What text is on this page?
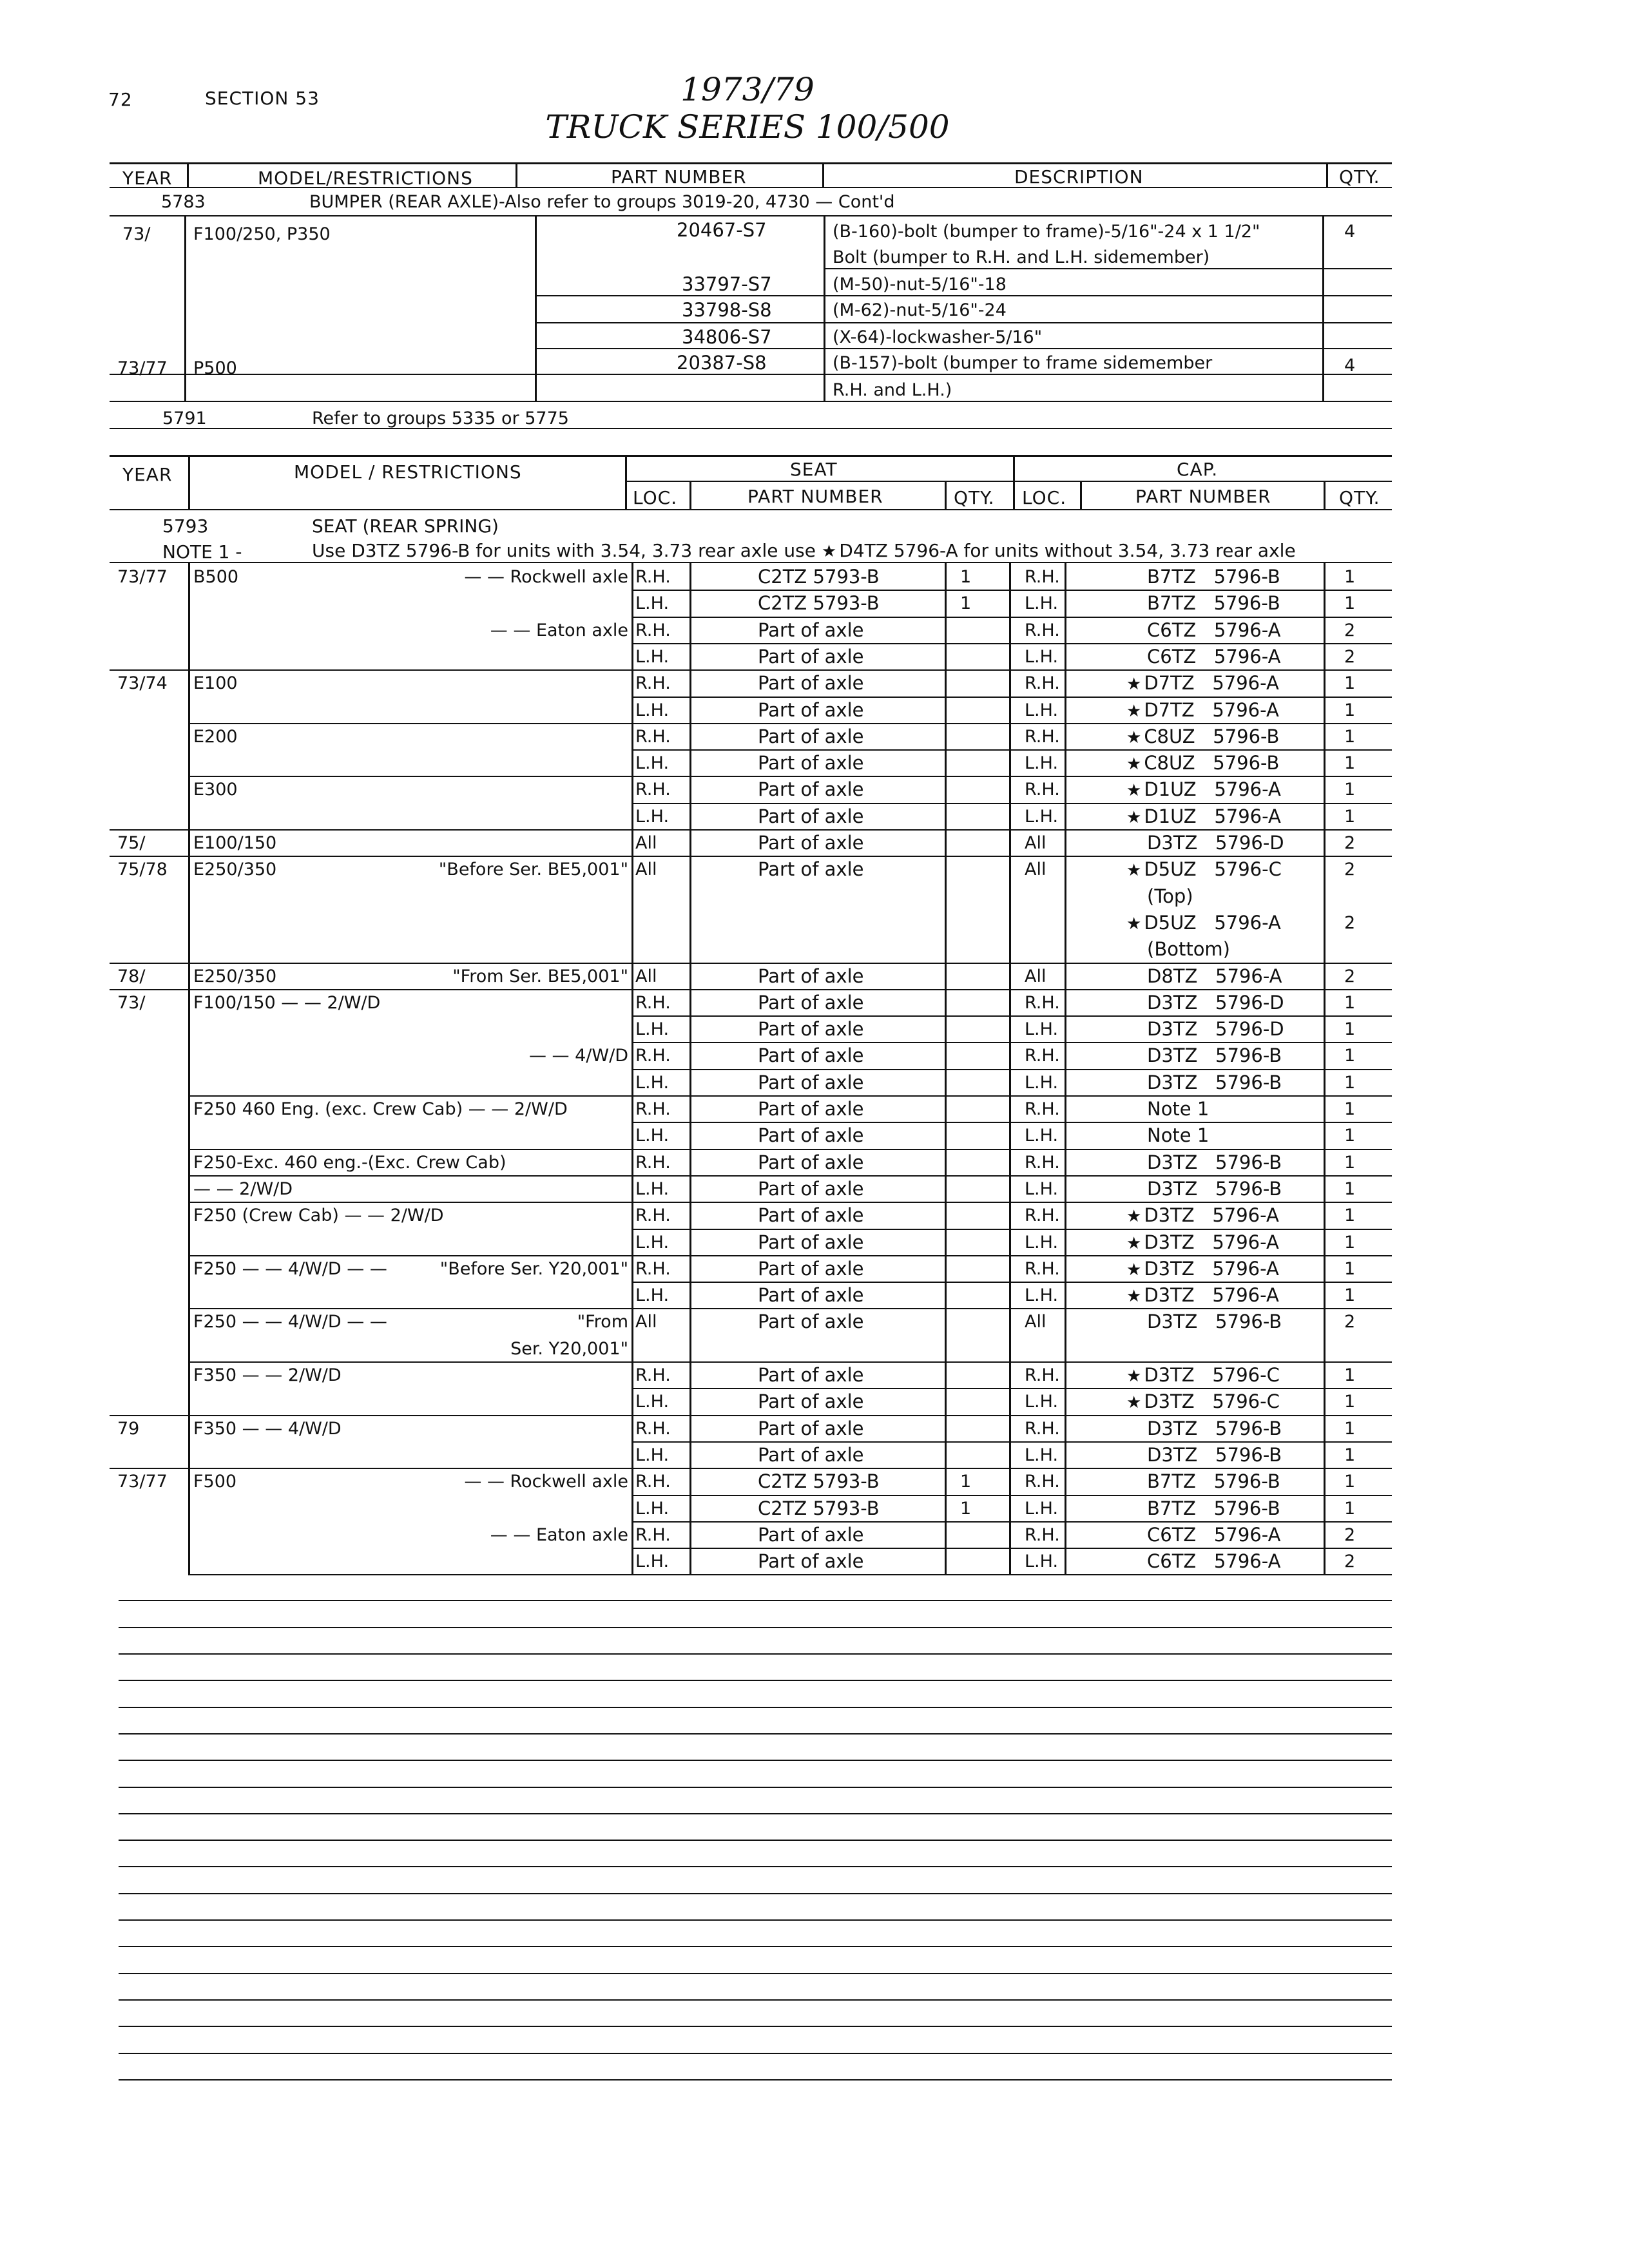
72	SECTION 53	1973/79
TRUCK SERIES 100/500
YEAR	MODEL/RESTRICTIONS	PART NUMBER	DESCRIPTION	QTY.
5783	BUMPER (REAR AXLE)-Also refer to groups 3019-20, 4730 — Cont'd
73/ F100/250, P350	20467-S7	(B-160)-bolt (bumper to frame)-5/16"-24 x 1 1/2"	4
Bolt (bumper to R.H. and L.H. sidemember)
33797-S7	(M-50)-nut-5/16"-18
33798-S8	(M-62)-nut-5/16"-24
34806-S7	(X-64)-lockwasher-5/16"
73/77 P500	20387-S8	(B-157)-bolt (bumper to frame sidemember	4
R.H. and L.H.)
5791	Refer to groups 5335 or 5775
YEAR	MODEL / RESTRICTIONS	SEAT	CAP.
LOC.	PART NUMBER	QTY. LOC.	PART NUMBER	QTY.
5793	SEAT (REAR SPRING)
NOTE 1 -	Use D3TZ 5796-B for units with 3.54, 3.73 rear axle use ★ D4TZ 5796-A for units without 3.54, 3.73 rear axle
73/77 B500	— — Rockwell axle R.H.	C2TZ 5793-B	1	R.H.	B7TZ   5796-B	1
L.H.	C2TZ 5793-B	1	L.H.	B7TZ   5796-B	1
— — Eaton axle R.H.	Part of axle	R.H.	C6TZ   5796-A	2
L.H.	Part of axle	L.H.	C6TZ   5796-A	2
73/74 E100	R.H.	Part of axle	R.H.	★ D7TZ   5796-A	1
L.H.	Part of axle	L.H.	★ D7TZ   5796-A	1
E200	R.H.	Part of axle	R.H.	★ C8UZ   5796-B	1
L.H.	Part of axle	L.H.	★ C8UZ   5796-B	1
E300	R.H.	Part of axle	R.H.	★ D1UZ   5796-A	1
L.H.	Part of axle	L.H.	★ D1UZ   5796-A	1
75/	E100/150	All	Part of axle	All	D3TZ   5796-D	2
75/78 E250/350	"Before Ser. BE5,001" All	Part of axle	All	★ D5UZ   5796-C	2
(Top)
★ D5UZ   5796-A	2
(Bottom)
78/	E250/350	"From Ser. BE5,001" All	Part of axle	All	D8TZ   5796-A	2
73/	F100/150 — — 2/W/D	R.H.	Part of axle	R.H.	D3TZ   5796-D	1
L.H.	Part of axle	L.H.	D3TZ   5796-D	1
— — 4/W/D R.H.	Part of axle	R.H.	D3TZ   5796-B	1
L.H.	Part of axle	L.H.	D3TZ   5796-B	1
F250 460 Eng. (exc. Crew Cab) — — 2/W/D	R.H.	Part of axle	R.H.	Note 1	1
L.H.	Part of axle	L.H.	Note 1	1
F250-Exc. 460 eng.-(Exc. Crew Cab)	R.H.	Part of axle	R.H.	D3TZ   5796-B	1
— — 2/W/D	L.H.	Part of axle	L.H.	D3TZ   5796-B	1
F250 (Crew Cab) — — 2/W/D	R.H.	Part of axle	R.H.	★ D3TZ   5796-A	1
L.H.	Part of axle	L.H.	★ D3TZ   5796-A	1
F250 — — 4/W/D — —	"Before Ser. Y20,001" R.H.	Part of axle	R.H.	★ D3TZ   5796-A	1
L.H.	Part of axle	L.H.	★ D3TZ   5796-A	1
F250 — — 4/W/D — —	"From All	Part of axle	All	D3TZ   5796-B	2
Ser. Y20,001"
F350 — — 2/W/D	R.H.	Part of axle	R.H.	★ D3TZ   5796-C	1
L.H.	Part of axle	L.H.	★ D3TZ   5796-C	1
79	F350 — — 4/W/D	R.H.	Part of axle	R.H.	D3TZ   5796-B	1
L.H.	Part of axle	L.H.	D3TZ   5796-B	1
73/77 F500	— — Rockwell axle R.H.	C2TZ 5793-B	1	R.H.	B7TZ   5796-B	1
L.H.	C2TZ 5793-B	1	L.H.	B7TZ   5796-B	1
— — Eaton axle R.H.	Part of axle	R.H.	C6TZ   5796-A	2
L.H.	Part of axle	L.H.	C6TZ   5796-A	2
